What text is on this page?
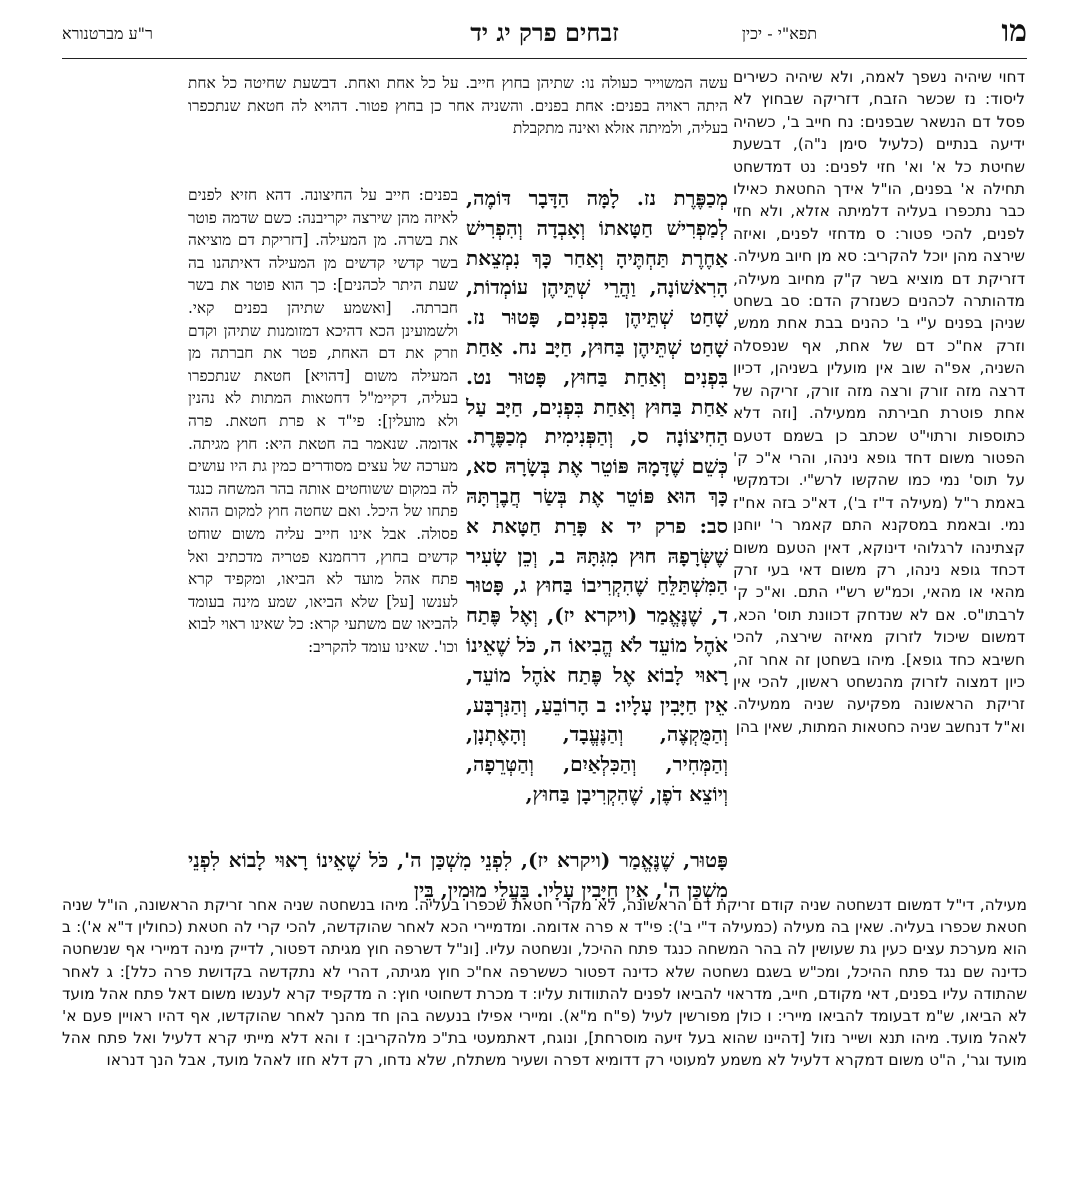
מו
תפא"י - יכין
זבחים פרק יג יד
ר"ע מברטנורא

דחוי שיהיה נשפך לאמה, ולא שיהיה כשירים ליסוד: נז שכשר הזבח, דזריקה שבחוץ לא פסל דם הנשאר שבפנים: נח חייב ב', כשהיה ידיעה בנתיים (כלעיל סימן נ"ה), דבשעת שחיטת כל א' וא' חזי לפנים: נט דמדשחט תחילה א' בפנים, הו"ל אידך החטאת כאילו כבר נתכפרו בעליה דלמיתה אזלא, ולא חזי לפנים, להכי פטור: ס מדחזי לפנים, ואיזה שירצה מהן יוכל להקריב: סא מן חיוב מעילה. דזריקת דם מוציא בשר ק"ק מחיוב מעילה, מדהותרה לכהנים כשנזרק הדם: סב בשחט שניהן בפנים ע"י ב' כהנים בבת אחת ממש, וזרק אח"כ דם של אחת, אף שנפסלה השניה, אפ"ה שוב אין מועלין בשניהן, דכיון דרצה מזה זורק ורצה מזה זורק, זריקה של אחת פוטרת חבירתה ממעילה. [וזה דלא כתוספות ורתוי"ט שכתב כן בשמם דטעם הפטור משום דחד גופא נינהו, והרי א"כ ק' על תוס' נמי כמו שהקשו לרש"י. וכדמקשי באמת ר"ל (מעילה ד"ז ב'), דא"כ בזה אח"ז נמי. ובאמת במסקנא התם קאמר ר' יוחנן קצתינהו לרגלוהי דינוקא, דאין הטעם משום דכחד גופא נינהו, רק משום דאי בעי זרק מהאי או מהאי, וכמ"ש רש"י התם. וא"כ ק' לרבתו"ס. אם לא שנדחק דכוונת תוס' הכא, דמשום שיכול לזרוק מאיזה שירצה, להכי חשיבא כחד גופא]. מיהו בשחטן זה אחר זה, כיון דמצוה לזרוק מהנשחט ראשון, להכי אין זריקת הראשונה מפקיעה שניה ממעילה. וא"ל דנחשב שניה כחטאות המתות, שאין בהן

עשה המשוייר כעולה נו: שתיהן בחוץ חייב. על כל אחת ואחת. דבשעת שחיטה כל אחת היתה ראויה בפנים: אחת בפנים. והשניה אחר כן בחוץ פטור. דהויא לה חטאת שנתכפרו בעליה, ולמיתה אזלא ואינה מתקבלת

בפנים: חייב על החיצונה. דהא חזיא לפנים לאיזה מהן שירצה יקריבנה: כשם שדמה פוטר את בשרה. מן המעילה. [דזריקת דם מוציאה בשר קדשי קדשים מן המעילה דאיתהנו בה שעת היתר לכהנים]: כך הוא פוטר את בשר חברתה. [ואשמע שתיהן בפנים קאי. ולשמועינן הכא דהיכא דמזומנות שתיהן וקדם וזרק את דם האחת, פטר את חברתה מן המעילה משום [דהויא] חטאת שנתכפרו בעליה, דקיימ"ל דחטאות המתות לא נהנין ולא מועלין]: פי"ד א פרת חטאת. פרה אדומה. שנאמר בה חטאת היא: חוץ מגיתה. מערכה של עצים מסודרים כמין גת היו עושים לה במקום ששוחטים אותה בהר המשחה כנגד פתחו של היכל. ואם שחטה חוץ למקום ההוא פסולה. אבל אינו חייב עליה משום שוחט קדשים בחוץ, דרחמנא פטריה מדכתיב ואל פתח אהל מועד לא הביאו, ומקפיד קרא לענשו [על] שלא הביאו, שמע מינה בעומד להביאו שם משתעי קרא: כל שאינו ראוי לבוא וכו'. שאינו עומד להקריב:

מְכַפֶּרֶת נז. לָמָּה הַדָּבָר דּוֹמֶה, לְמַפְרִישׁ חַטָּאתוֹ וְאָבְדָה וְהִפְרִישׁ אַחֶרֶת תַּחְתֶּיהָ וְאַחַר כָּךְ נִמְצֵאת הָרִאשׁוֹנָה, וַהֲרֵי שְׁתֵּיהֶן עוֹמְדוֹת, שָׁחַט שְׁתֵּיהֶן בִּפְנִים, פָּטוּר נז. שָׁחַט שְׁתֵּיהֶן בַּחוּץ, חַיָּב נח. אַחַת בִּפְנִים וְאַחַת בַּחוּץ, פָּטוּר נט. אַחַת בַּחוּץ וְאַחַת בִּפְנִים, חַיָּב עַל הַחִיצוֹנָה ס, וְהַפְּנִימִית מְכַפֶּרֶת. כְּשֵׁם שֶׁדָּמָהּ פּוֹטֵר אֶת בְּשָׂרָהּ סא, כָּךְ הוּא פּוֹטֵר אֶת בְּשַׂר חֲבֶרְתָּהּ סב: פרק יד א פָּרַת חַטָּאת א שֶׁשְּׂרָפָהּ חוּץ מִגִּתָּהּ ב, וְכֵן שָׂעִיר הַמִּשְׁתַּלֵּחַ שֶׁהִקְרִיבוֹ בַּחוּץ ג, פָּטוּר ד, שֶׁנֶּאֱמַר (ויקרא יז), וְאֶל פֶּתַח אֹהֶל מוֹעֵד לֹא הֱבִיאוֹ ה, כֹּל שֶׁאֵינוֹ רָאוּי לָבוֹא אֶל פֶּתַח אֹהֶל מוֹעֵד, אֵין חַיָּבִין עָלָיו: ב הָרוֹבֵעַ, וְהַנִּרְבָּע, וְהַמֻּקְצֶה, וְהַנֶּעֱבָד, וְהָאֶתְנָן, וְהַמְּחִיר, וְהַכִּלְאַיִם, וְהַטְּרֵפָה, וְיוֹצֵא דֹפֶן, שֶׁהִקְרִיבָן בַּחוּץ,

פָּטוּר, שֶׁנֶּאֱמַר (ויקרא יז), לִפְנֵי מִשְׁכַּן ה', כֹּל שֶׁאֵינוֹ רָאוּי לָבוֹא לִפְנֵי מִשְׁכַּן ה', אֵין חַיָּבִין עָלָיו. בַּעֲלֵי מוּמִין, בֵּין

מעילה, די"ל דמשום דנשחטה שניה קודם זריקת דם הראשונה, לא מקרי חטאת שכפרו בעליה. מיהו בנשחטה שניה אחר זריקת הראשונה, הו"ל שניה חטאת שכפרו בעליה. שאין בה מעילה (כמעילה ד"י ב'): פי"ד א פרה אדומה. ומדמיירי הכא לאחר שהוקדשה, להכי קרי לה חטאת (כחולין ד"א א'): ב הוא מערכת עצים כעין גת שעושין לה בהר המשחה כנגד פתח ההיכל, ונשחטה עליו. [ונ"ל דשרפה חוץ מגיתה דפטור, לדייק מינה דמיירי אף שנשחטה כדינה שם נגד פתח ההיכל, ומכ"ש בשגם נשחטה שלא כדינה דפטור כששרפה אח"כ חוץ מגיתה, דהרי לא נתקדשה בקדושת פרה כלל]: ג לאחר שהתודה עליו בפנים, דאי מקודם, חייב, מדראוי להביאו לפנים להתוודות עליו: ד מכרת דשחוטי חוץ: ה מדקפיד קרא לענשו משום דאל פתח אהל מועד לא הביאו, ש"מ דבעומד להביאו מיירי: ו כולן מפורשין לעיל (פ"ח מ"א). ומיירי אפילו בנעשה בהן חד מהנך לאחר שהוקדשו, אף דהיו ראויין פעם א' לאהל מועד. מיהו תנא ושייר נזול [דהיינו שהוא בעל זיעה מוסרחת], ונוגח, דאתמעטי בת"כ מלהקריבן: ז והא דלא מייתי קרא דלעיל ואל פתח אהל מועד וגר', ה"ט משום דמקרא דלעיל לא משמע למעוטי רק דדומיא דפרה ושעיר משתלח, שלא נדחו, רק דלא חזו לאהל מועד, אבל הנך דנראו
